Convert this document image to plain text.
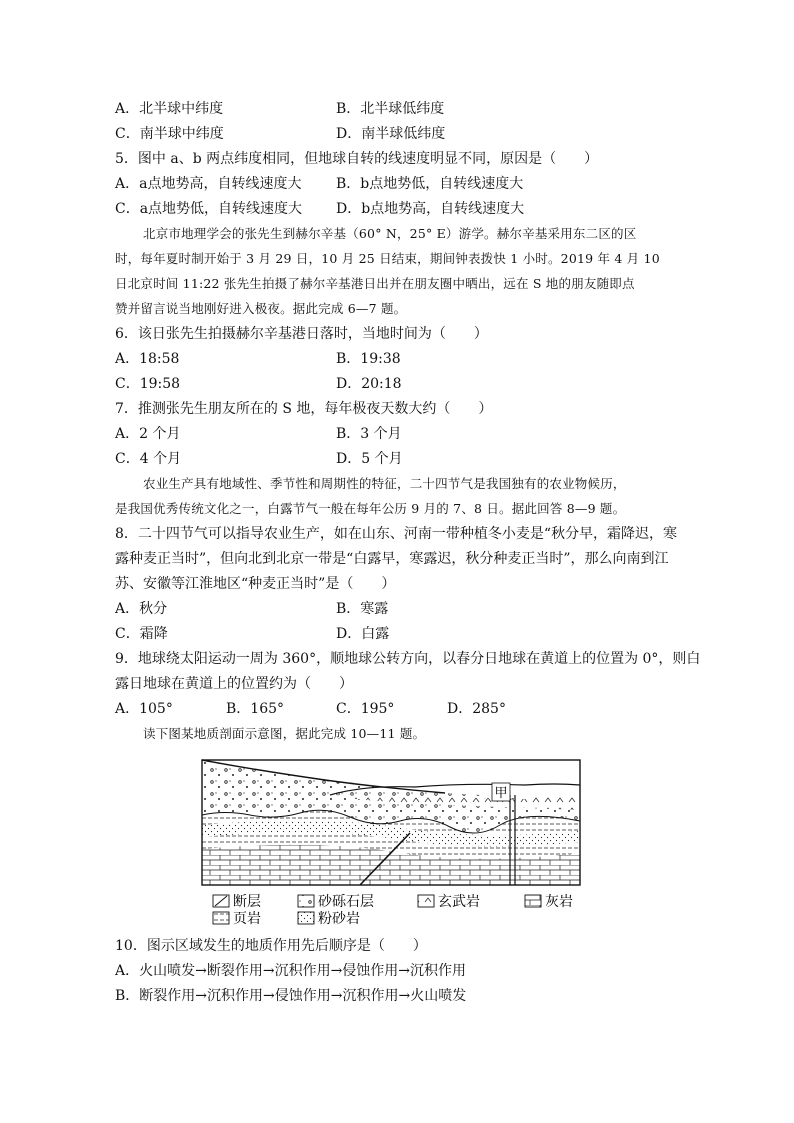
A．北半球中纬度	B．北半球低纬度
C．南半球中纬度	D．南半球低纬度
5．图中 a、b 两点纬度相同，但地球自转的线速度明显不同，原因是（　　）
A．a点地势高，自转线速度大 B．b点地势低，自转线速度大
C．a点地势低，自转线速度大 D．b点地势高，自转线速度大
北京市地理学会的张先生到赫尔辛基（60° N，25° E）游学。赫尔辛基采用东二区的区
时，每年夏时制开始于 3 月 29 日，10 月 25 日结束，期间钟表拨快 1 小时。2019 年 4 月 10
日北京时间 11:22 张先生拍摄了赫尔辛基港日出并在朋友圈中晒出，远在 S 地的朋友随即点
赞并留言说当地刚好进入极夜。据此完成 6—7 题。
6．该日张先生拍摄赫尔辛基港日落时，当地时间为（　　）
A．18:58	B．19:38
C．19:58	D．20:18
7．推测张先生朋友所在的 S 地，每年极夜天数大约（　　）
A．2 个月	B．3 个月
C．4 个月	D．5 个月
农业生产具有地域性、季节性和周期性的特征，二十四节气是我国独有的农业物候历，
是我国优秀传统文化之一，白露节气一般在每年公历 9 月的 7、8 日。据此回答 8—9 题。
8．二十四节气可以指导农业生产，如在山东、河南一带种植冬小麦是“秋分早，霜降迟，寒
露种麦正当时”，但向北到北京一带是“白露早，寒露迟，秋分种麦正当时”，那么向南到江
苏、安徽等江淮地区“种麦正当时”是（　　）
A．秋分	B．寒露
C．霜降	D．白露
9．地球绕太阳运动一周为 360°，顺地球公转方向，以春分日地球在黄道上的位置为 0°，则白
露日地球在黄道上的位置约为（　　）
A．105°	B．165°	C．195°	D．285°
读下图某地质剖面示意图，据此完成 10—11 题。
甲
断层	砂砾石层	玄武岩	灰岩
页岩	粉砂岩
10．图示区域发生的地质作用先后顺序是（　　）
A．火山喷发→断裂作用→沉积作用→侵蚀作用→沉积作用
B．断裂作用→沉积作用→侵蚀作用→沉积作用→火山喷发
